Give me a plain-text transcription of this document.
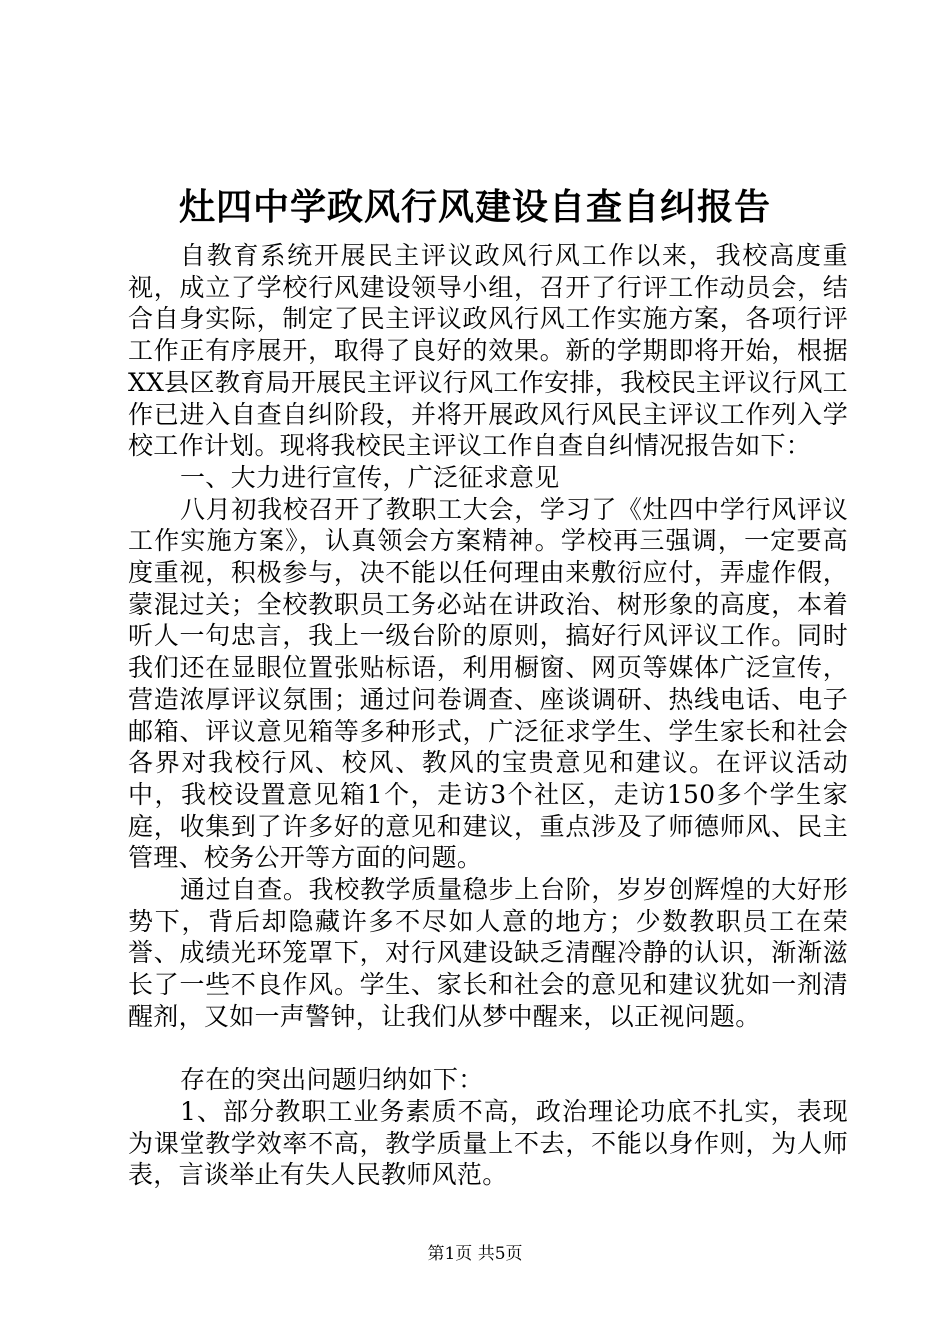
灶四中学政风行风建设自查自纠报告

自教育系统开展民主评议政风行风工作以来，我校高度重视，成立了学校行风建设领导小组，召开了行评工作动员会，结合自身实际，制定了民主评议政风行风工作实施方案，各项行评工作正有序展开，取得了良好的效果。新的学期即将开始，根据XX县区教育局开展民主评议行风工作安排，我校民主评议行风工作已进入自查自纠阶段，并将开展政风行风民主评议工作列入学校工作计划。现将我校民主评议工作自查自纠情况报告如下：

一、大力进行宣传，广泛征求意见

八月初我校召开了教职工大会，学习了《灶四中学行风评议工作实施方案》，认真领会方案精神。学校再三强调，一定要高度重视，积极参与，决不能以任何理由来敷衍应付，弄虚作假，蒙混过关；全校教职员工务必站在讲政治、树形象的高度，本着听人一句忠言，我上一级台阶的原则，搞好行风评议工作。同时我们还在显眼位置张贴标语，利用橱窗、网页等媒体广泛宣传，营造浓厚评议氛围；通过问卷调查、座谈调研、热线电话、电子邮箱、评议意见箱等多种形式，广泛征求学生、学生家长和社会各界对我校行风、校风、教风的宝贵意见和建议。在评议活动中，我校设置意见箱1个，走访3个社区，走访150多个学生家庭，收集到了许多好的意见和建议，重点涉及了师德师风、民主管理、校务公开等方面的问题。

通过自查。我校教学质量稳步上台阶，岁岁创辉煌的大好形势下，背后却隐藏许多不尽如人意的地方；少数教职员工在荣誉、成绩光环笼罩下，对行风建设缺乏清醒冷静的认识，渐渐滋长了一些不良作风。学生、家长和社会的意见和建议犹如一剂清醒剂，又如一声警钟，让我们从梦中醒来，以正视问题。

存在的突出问题归纳如下：

1、部分教职工业务素质不高，政治理论功底不扎实，表现为课堂教学效率不高，教学质量上不去，不能以身作则，为人师表，言谈举止有失人民教师风范。

第1页 共5页
